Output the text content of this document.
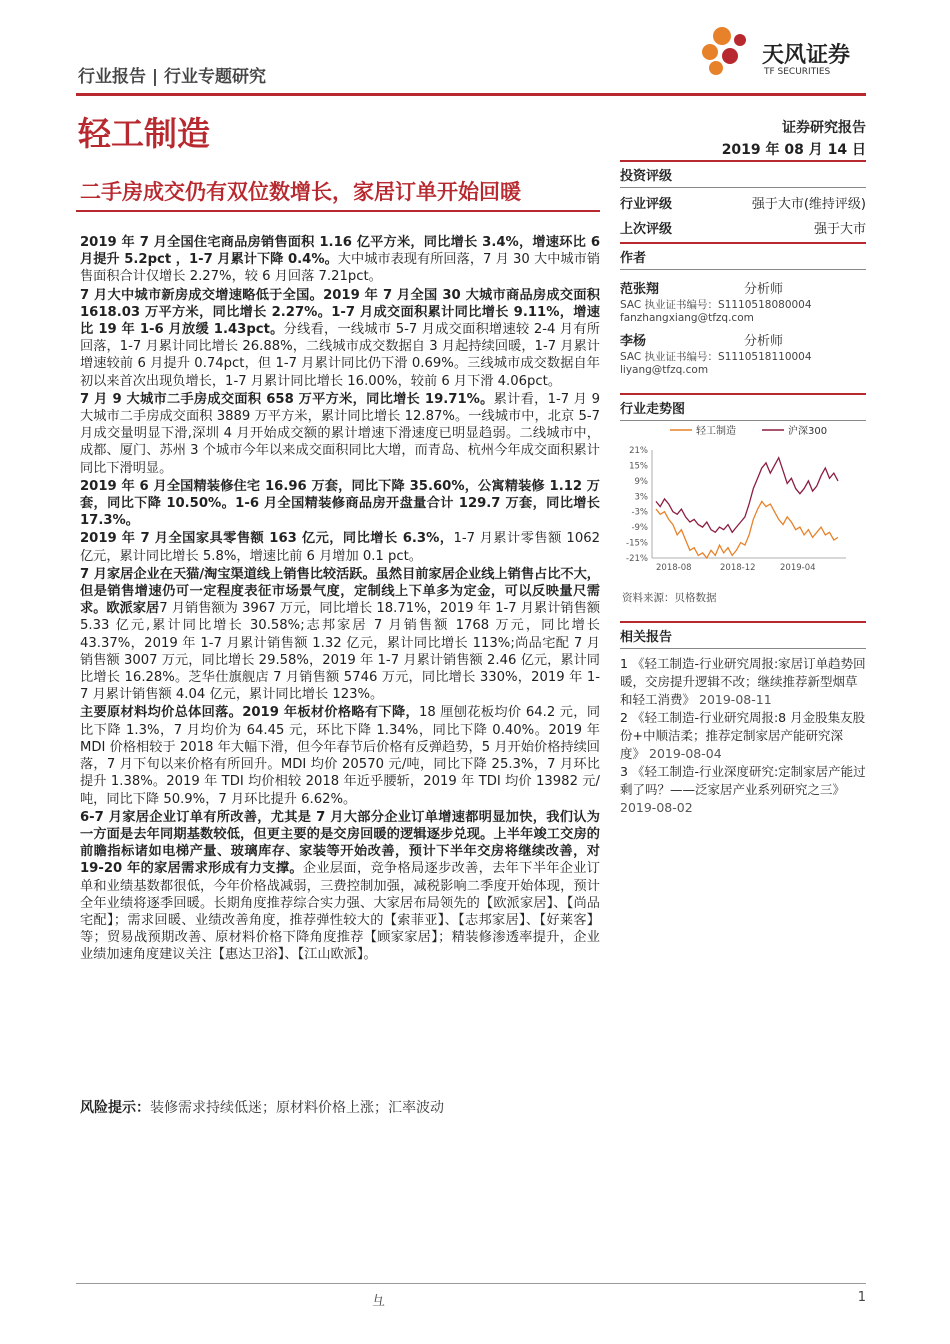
行业报告 | 行业专题研究
天风证券
TF SECURITIES
轻工制造	证券研究报告
2019 年 08 月 14 日
二手房成交仍有双位数增长，家居订单开始回暖
投资评级
行业评级	强于大市(维持评级)
上次评级	强于大市
作者
范张翔	分析师
SAC 执业证书编号：S1110518080004
fanzhangxiang@tfzq.com
李杨	分析师
SAC 执业证书编号：S1110518110004
liyang@tfzq.com
行业走势图
轻工制造	沪深300
21%
15%
9%
3%
-3%
-9%
-15%
-21%
2018-08	2018-12	2019-04
资料来源：贝格数据
相关报告
1 《轻工制造-行业研究周报:家居订单趋势回暖，交房提升逻辑不改；继续推荐新型烟草和轻工消费》 2019-08-11
2 《轻工制造-行业研究周报:8 月金股集友股份+中顺洁柔；推荐定制家居产能研究深度》 2019-08-04
3 《轻工制造-行业深度研究:定制家居产能过剩了吗？——泛家居产业系列研究之三》 2019-08-02

2019 年 7 月全国住宅商品房销售面积 1.16 亿平方米，同比增长 3.4%，增速环比 6 月提升 5.2pct ，1-7 月累计下降 0.4%。大中城市表现有所回落，7 月 30 大中城市销售面积合计仅增长 2.27%，较 6 月回落 7.21pct。

7 月大中城市新房成交增速略低于全国。2019 年 7 月全国 30 大城市商品房成交面积 1618.03 万平方米，同比增长 2.27%。1-7 月成交面积累计同比增长 9.11%，增速比 19 年 1-6 月放缓 1.43pct。分线看，一线城市 5-7 月成交面积增速较 2-4 月有所回落，1-7 月累计同比增长 26.88%，二线城市成交数据自 3 月起持续回暖，1-7 月累计增速较前 6 月提升 0.74pct，但 1-7 月累计同比仍下滑 0.69%。三线城市成交数据自年初以来首次出现负增长，1-7 月累计同比增长 16.00%，较前 6 月下滑 4.06pct。

7 月 9 大城市二手房成交面积 658 万平方米，同比增长 19.71%。累计看，1-7 月 9 大城市二手房成交面积 3889 万平方米，累计同比增长 12.87%。一线城市中，北京 5-7 月成交量明显下滑,深圳 4 月开始成交额的累计增速下滑速度已明显趋弱。二线城市中，成都、厦门、苏州 3 个城市今年以来成交面积同比大增，而青岛、杭州今年成交面积累计同比下滑明显。

2019 年 6 月全国精装修住宅 16.96 万套，同比下降 35.60%，公寓精装修 1.12 万套，同比下降 10.50%。1-6 月全国精装修商品房开盘量合计 129.7 万套，同比增长 17.3%。

2019 年 7 月全国家具零售额 163 亿元，同比增长 6.3%，1-7 月累计零售额 1062 亿元，累计同比增长 5.8%，增速比前 6 月增加 0.1 pct。

7 月家居企业在天猫/淘宝渠道线上销售比较活跃。虽然目前家居企业线上销售占比不大，但是销售增速仍可一定程度表征市场景气度，定制线上下单多为定金，可以反映量尺需求。欧派家居7 月销售额为 3967 万元，同比增长 18.71%，2019 年 1-7 月累计销售额 5.33 亿元,累计同比增长 30.58%;志邦家居 7 月销售额 1768 万元，同比增长 43.37%，2019 年 1-7 月累计销售额 1.32 亿元，累计同比增长 113%;尚品宅配 7 月销售额 3007 万元，同比增长 29.58%，2019 年 1-7 月累计销售额 2.46 亿元，累计同比增长 16.28%。芝华仕旗舰店 7 月销售额 5746 万元，同比增长 330%，2019 年 1-7 月累计销售额 4.04 亿元，累计同比增长 123%。

主要原材料均价总体回落。2019 年板材价格略有下降，18 厘刨花板均价 64.2 元，同比下降 1.3%，7 月均价为 64.45 元，环比下降 1.34%，同比下降 0.40%。2019 年 MDI 价格相较于 2018 年大幅下滑，但今年春节后价格有反弹趋势，5 月开始价格持续回落，7 月下旬以来价格有所回升。MDI 均价 20570 元/吨，同比下降 25.3%，7 月环比提升 1.38%。2019 年 TDI 均价相较 2018 年近乎腰斩，2019 年 TDI 均价 13982 元/吨，同比下降 50.9%，7 月环比提升 6.62%。

6-7 月家居企业订单有所改善，尤其是 7 月大部分企业订单增速都明显加快，我们认为一方面是去年同期基数较低，但更主要的是交房回暖的逻辑逐步兑现。上半年竣工交房的前瞻指标诸如电梯产量、玻璃库存、家装等开始改善，预计下半年交房将继续改善，对 19-20 年的家居需求形成有力支撑。企业层面，竞争格局逐步改善，去年下半年企业订单和业绩基数都很低，今年价格战减弱，三费控制加强，减税影响二季度开始体现，预计全年业绩将逐季回暖。长期角度推荐综合实力强、大家居布局领先的【欧派家居】、【尚品宅配】；需求回暖、业绩改善角度，推荐弹性较大的【索菲亚】、【志邦家居】、【好莱客】等；贸易战预期改善、原材料价格下降角度推荐【顾家家居】；精装修渗透率提升，企业业绩加速角度建议关注【惠达卫浴】、【江山欧派】。

风险提示：装修需求持续低迷；原材料价格上涨；汇率波动
彑	1
